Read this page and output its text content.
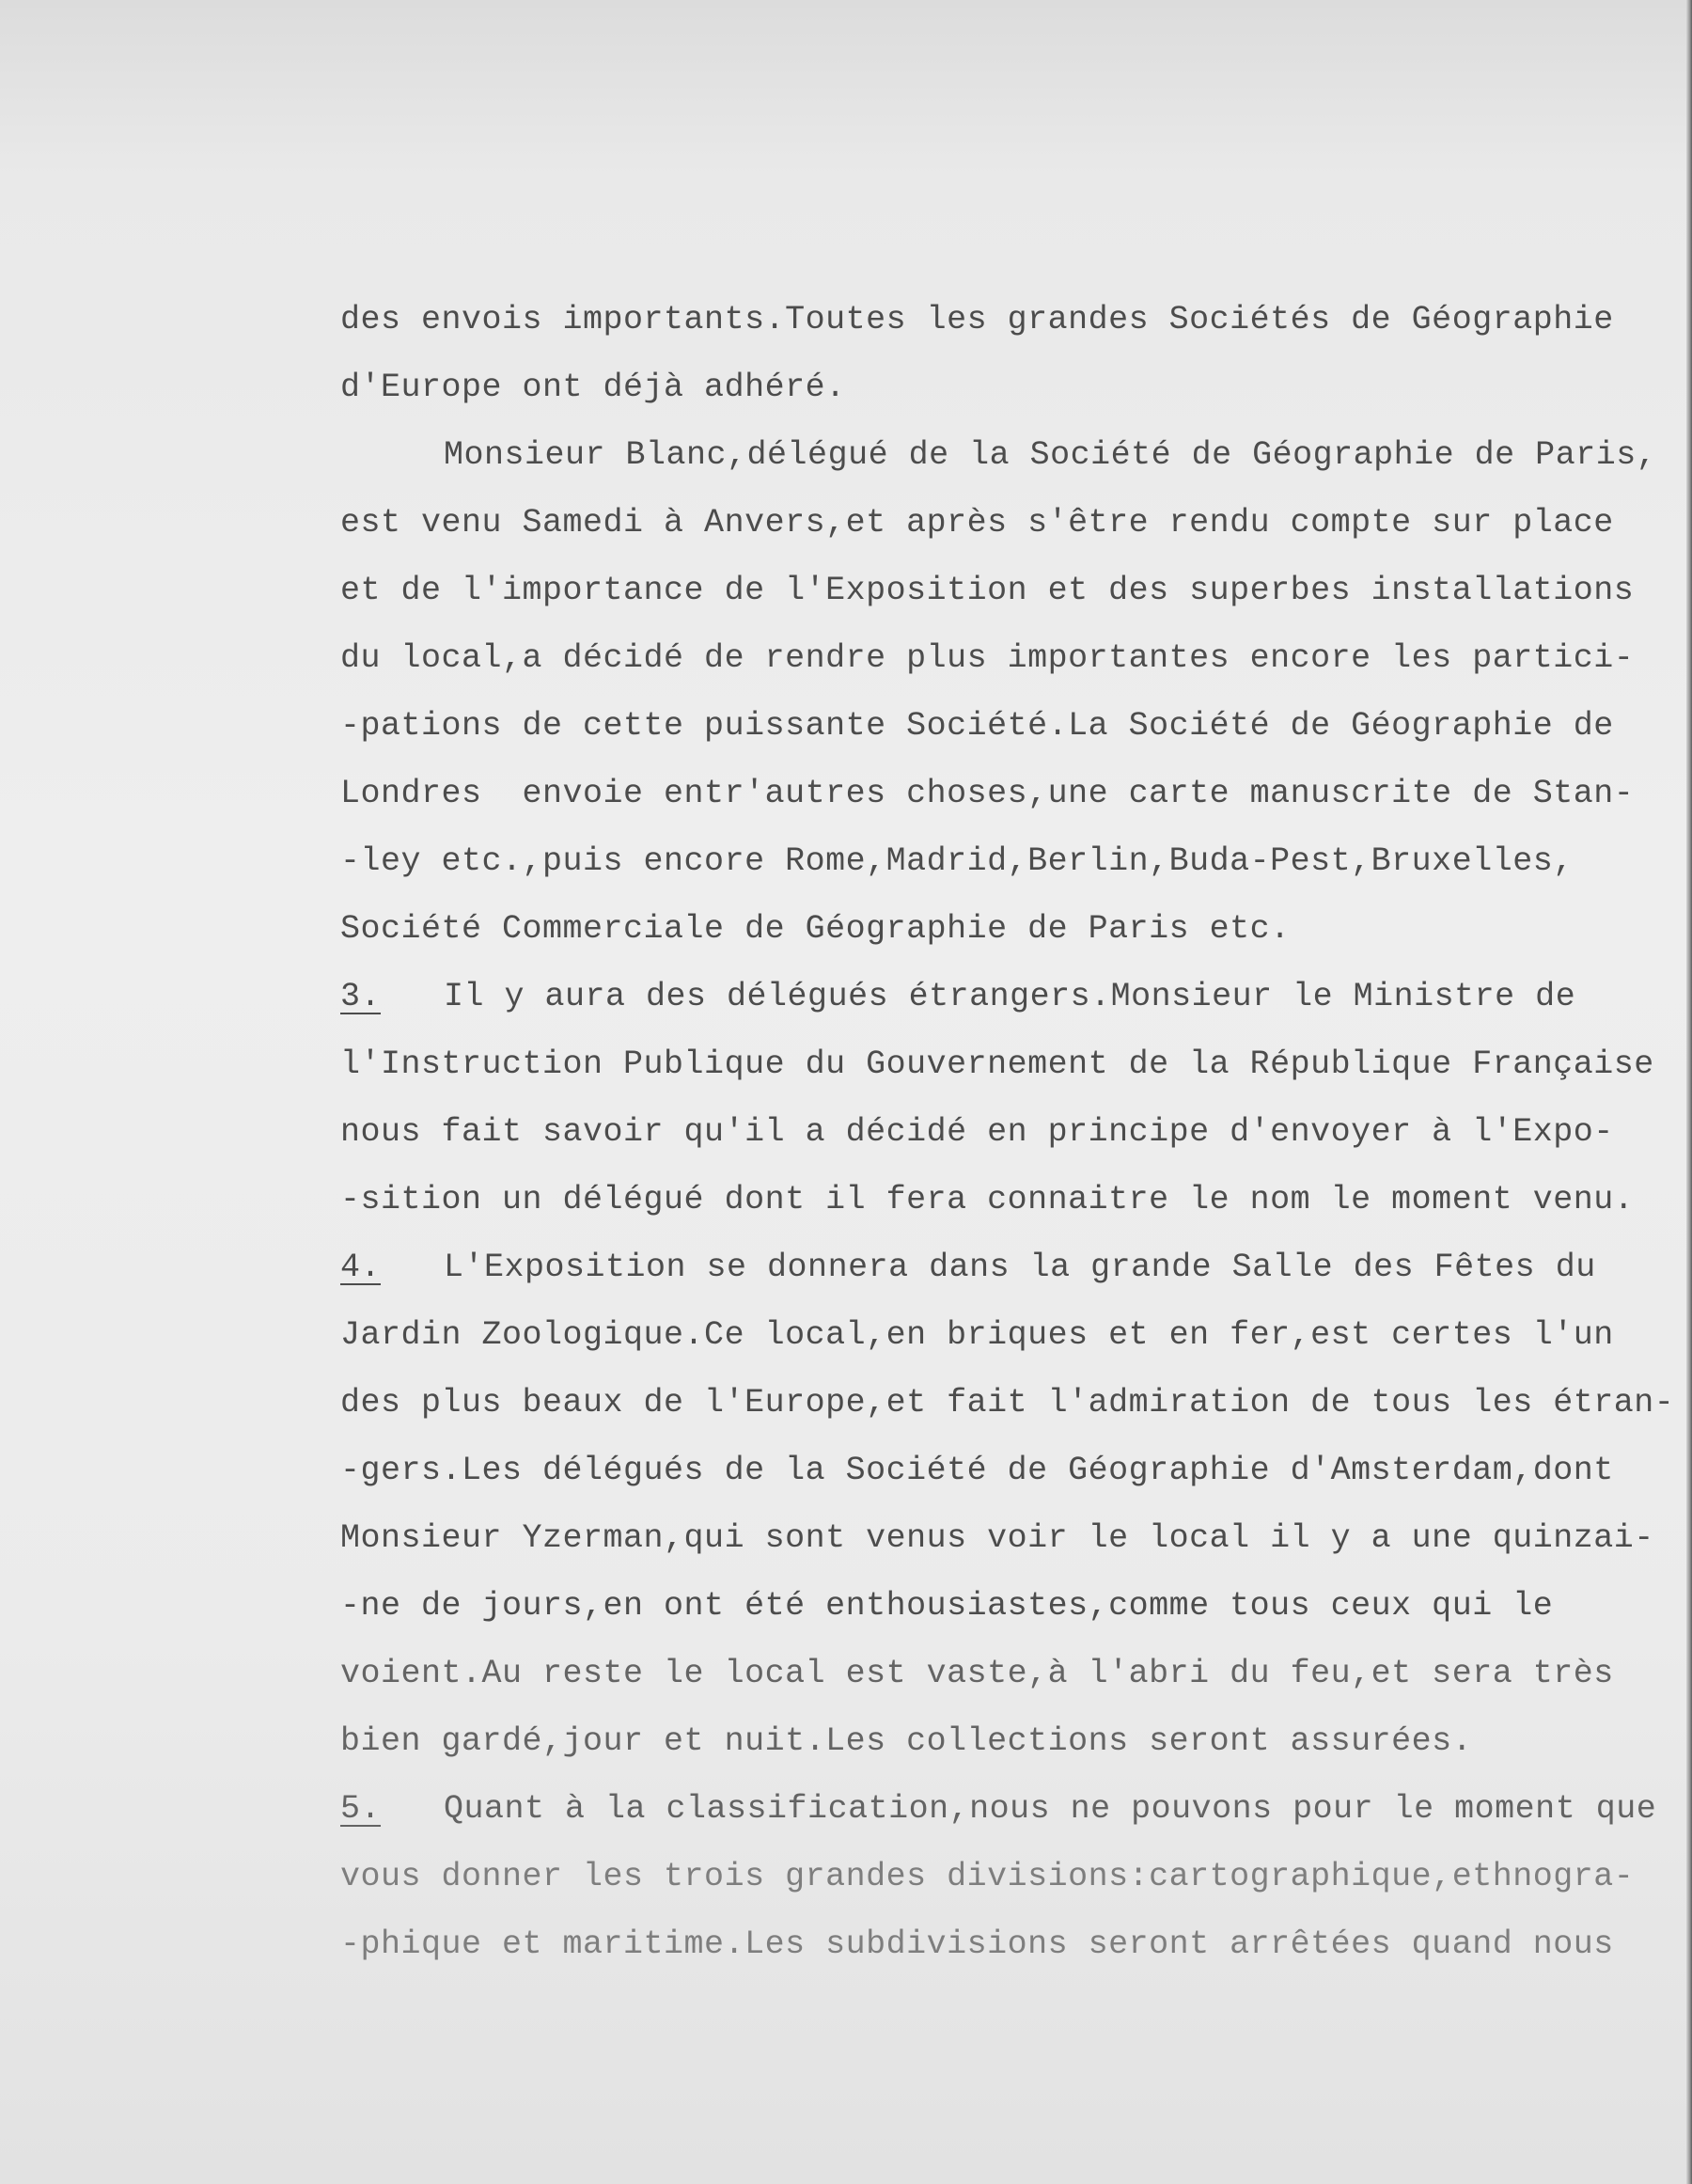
des envois importants.Toutes les grandes Sociétés de Géographie
d'Europe ont déjà adhéré.
Monsieur Blanc,délégué de la Société de Géographie de Paris,
est venu Samedi à Anvers,et après s'être rendu compte sur place
et de l'importance de l'Exposition et des superbes installations
du local,a décidé de rendre plus importantes encore les partici-
-pations de cette puissante Société.La Société de Géographie de
Londres  envoie entr'autres choses,une carte manuscrite de Stan-
-ley etc.,puis encore Rome,Madrid,Berlin,Buda-Pest,Bruxelles,
Société Commerciale de Géographie de Paris etc.
3. Il y aura des délégués étrangers.Monsieur le Ministre de
l'Instruction Publique du Gouvernement de la République Française
nous fait savoir qu'il a décidé en principe d'envoyer à l'Expo-
-sition un délégué dont il fera connaitre le nom le moment venu.
4. L'Exposition se donnera dans la grande Salle des Fêtes du
Jardin Zoologique.Ce local,en briques et en fer,est certes l'un
des plus beaux de l'Europe,et fait l'admiration de tous les étran-
-gers.Les délégués de la Société de Géographie d'Amsterdam,dont
Monsieur Yzerman,qui sont venus voir le local il y a une quinzai-
-ne de jours,en ont été enthousiastes,comme tous ceux qui le
voient.Au reste le local est vaste,à l'abri du feu,et sera très
bien gardé,jour et nuit.Les collections seront assurées.
5. Quant à la classification,nous ne pouvons pour le moment que
vous donner les trois grandes divisions:cartographique,ethnogra-
-phique et maritime.Les subdivisions seront arrêtées quand nous
